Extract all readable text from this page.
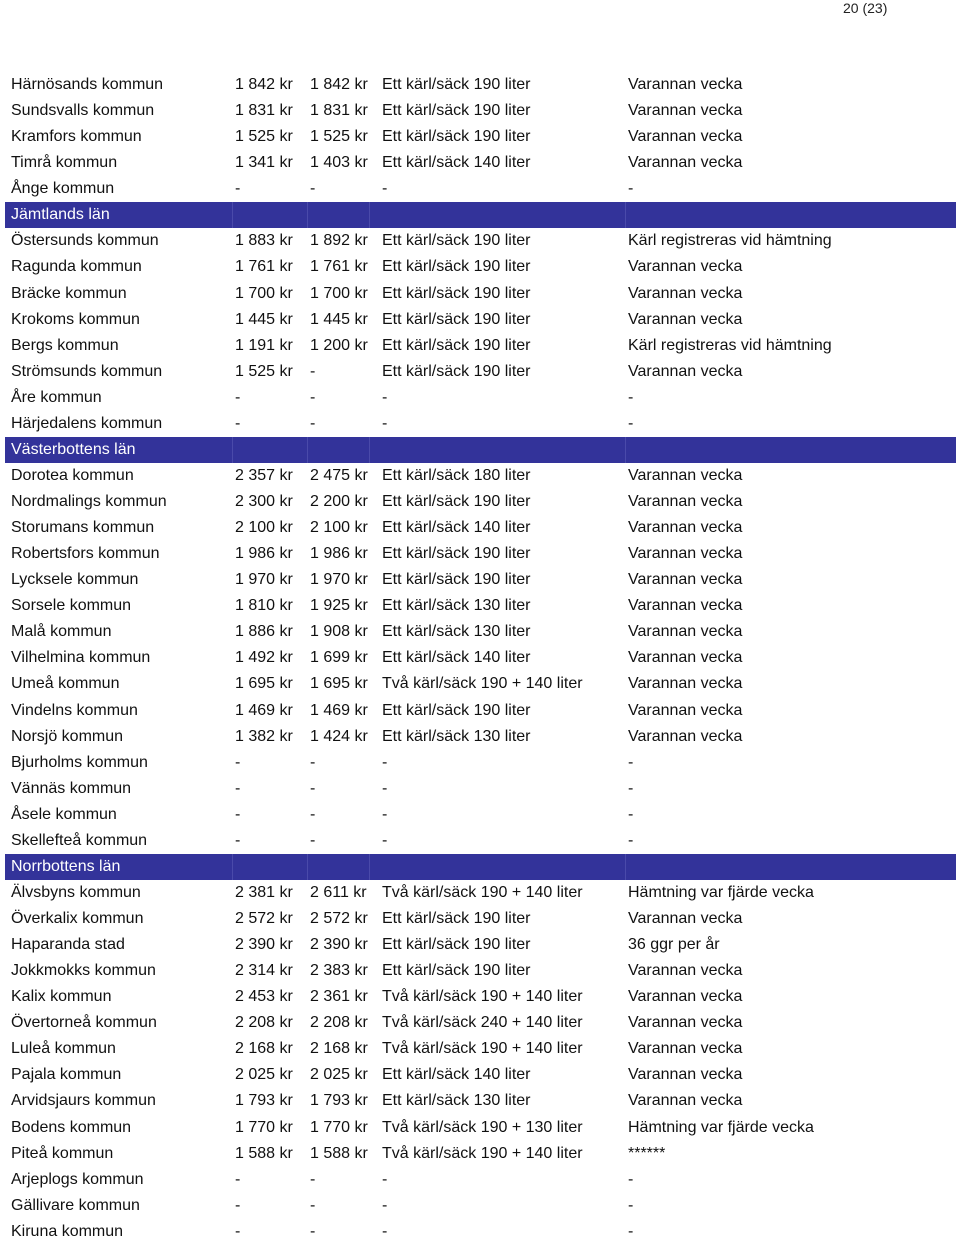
20 (23)
Härnösands kommun	1 842 kr 1 842 kr Ett kärl/säck 190 liter	Varannan vecka
Sundsvalls kommun	1 831 kr 1 831 kr Ett kärl/säck 190 liter	Varannan vecka
Kramfors kommun	1 525 kr 1 525 kr Ett kärl/säck 190 liter	Varannan vecka
Timrå kommun	1 341 kr 1 403 kr Ett kärl/säck 140 liter	Varannan vecka
Ånge kommun	-	-	-	-
Jämtlands län
Östersunds kommun	1 883 kr 1 892 kr Ett kärl/säck 190 liter	Kärl registreras vid hämtning
Ragunda kommun	1 761 kr 1 761 kr Ett kärl/säck 190 liter	Varannan vecka
Bräcke kommun	1 700 kr 1 700 kr Ett kärl/säck 190 liter	Varannan vecka
Krokoms kommun	1 445 kr 1 445 kr Ett kärl/säck 190 liter	Varannan vecka
Bergs kommun	1 191 kr 1 200 kr Ett kärl/säck 190 liter	Kärl registreras vid hämtning
Strömsunds kommun	1 525 kr -	Ett kärl/säck 190 liter	Varannan vecka
Åre kommun	-	-	-	-
Härjedalens kommun	-	-	-	-
Västerbottens län
Dorotea kommun	2 357 kr 2 475 kr Ett kärl/säck 180 liter	Varannan vecka
Nordmalings kommun	2 300 kr 2 200 kr Ett kärl/säck 190 liter	Varannan vecka
Storumans kommun	2 100 kr 2 100 kr Ett kärl/säck 140 liter	Varannan vecka
Robertsfors kommun	1 986 kr 1 986 kr Ett kärl/säck 190 liter	Varannan vecka
Lycksele kommun	1 970 kr 1 970 kr Ett kärl/säck 190 liter	Varannan vecka
Sorsele kommun	1 810 kr 1 925 kr Ett kärl/säck 130 liter	Varannan vecka
Malå kommun	1 886 kr 1 908 kr Ett kärl/säck 130 liter	Varannan vecka
Vilhelmina kommun	1 492 kr 1 699 kr Ett kärl/säck 140 liter	Varannan vecka
Umeå kommun	1 695 kr 1 695 kr Två kärl/säck 190 + 140 liter	Varannan vecka
Vindelns kommun	1 469 kr 1 469 kr Ett kärl/säck 190 liter	Varannan vecka
Norsjö kommun	1 382 kr 1 424 kr Ett kärl/säck 130 liter	Varannan vecka
Bjurholms kommun	-	-	-	-
Vännäs kommun	-	-	-	-
Åsele kommun	-	-	-	-
Skellefteå kommun	-	-	-	-
Norrbottens län
Älvsbyns kommun	2 381 kr 2 611 kr Två kärl/säck 190 + 140 liter	Hämtning var fjärde vecka
Överkalix kommun	2 572 kr 2 572 kr Ett kärl/säck 190 liter	Varannan vecka
Haparanda stad	2 390 kr 2 390 kr Ett kärl/säck 190 liter	36 ggr per år
Jokkmokks kommun	2 314 kr 2 383 kr Ett kärl/säck 190 liter	Varannan vecka
Kalix kommun	2 453 kr 2 361 kr Två kärl/säck 190 + 140 liter	Varannan vecka
Övertorneå kommun	2 208 kr 2 208 kr Två kärl/säck 240 + 140 liter	Varannan vecka
Luleå kommun	2 168 kr 2 168 kr Två kärl/säck 190 + 140 liter	Varannan vecka
Pajala kommun	2 025 kr 2 025 kr Ett kärl/säck 140 liter	Varannan vecka
Arvidsjaurs kommun	1 793 kr 1 793 kr Ett kärl/säck 130 liter	Varannan vecka
Bodens kommun	1 770 kr 1 770 kr Två kärl/säck 190 + 130 liter	Hämtning var fjärde vecka
Piteå kommun	1 588 kr 1 588 kr Två kärl/säck 190 + 140 liter	******
Arjeplogs kommun	-	-	-	-
Gällivare kommun	-	-	-	-
Kiruna kommun	-	-	-	-
